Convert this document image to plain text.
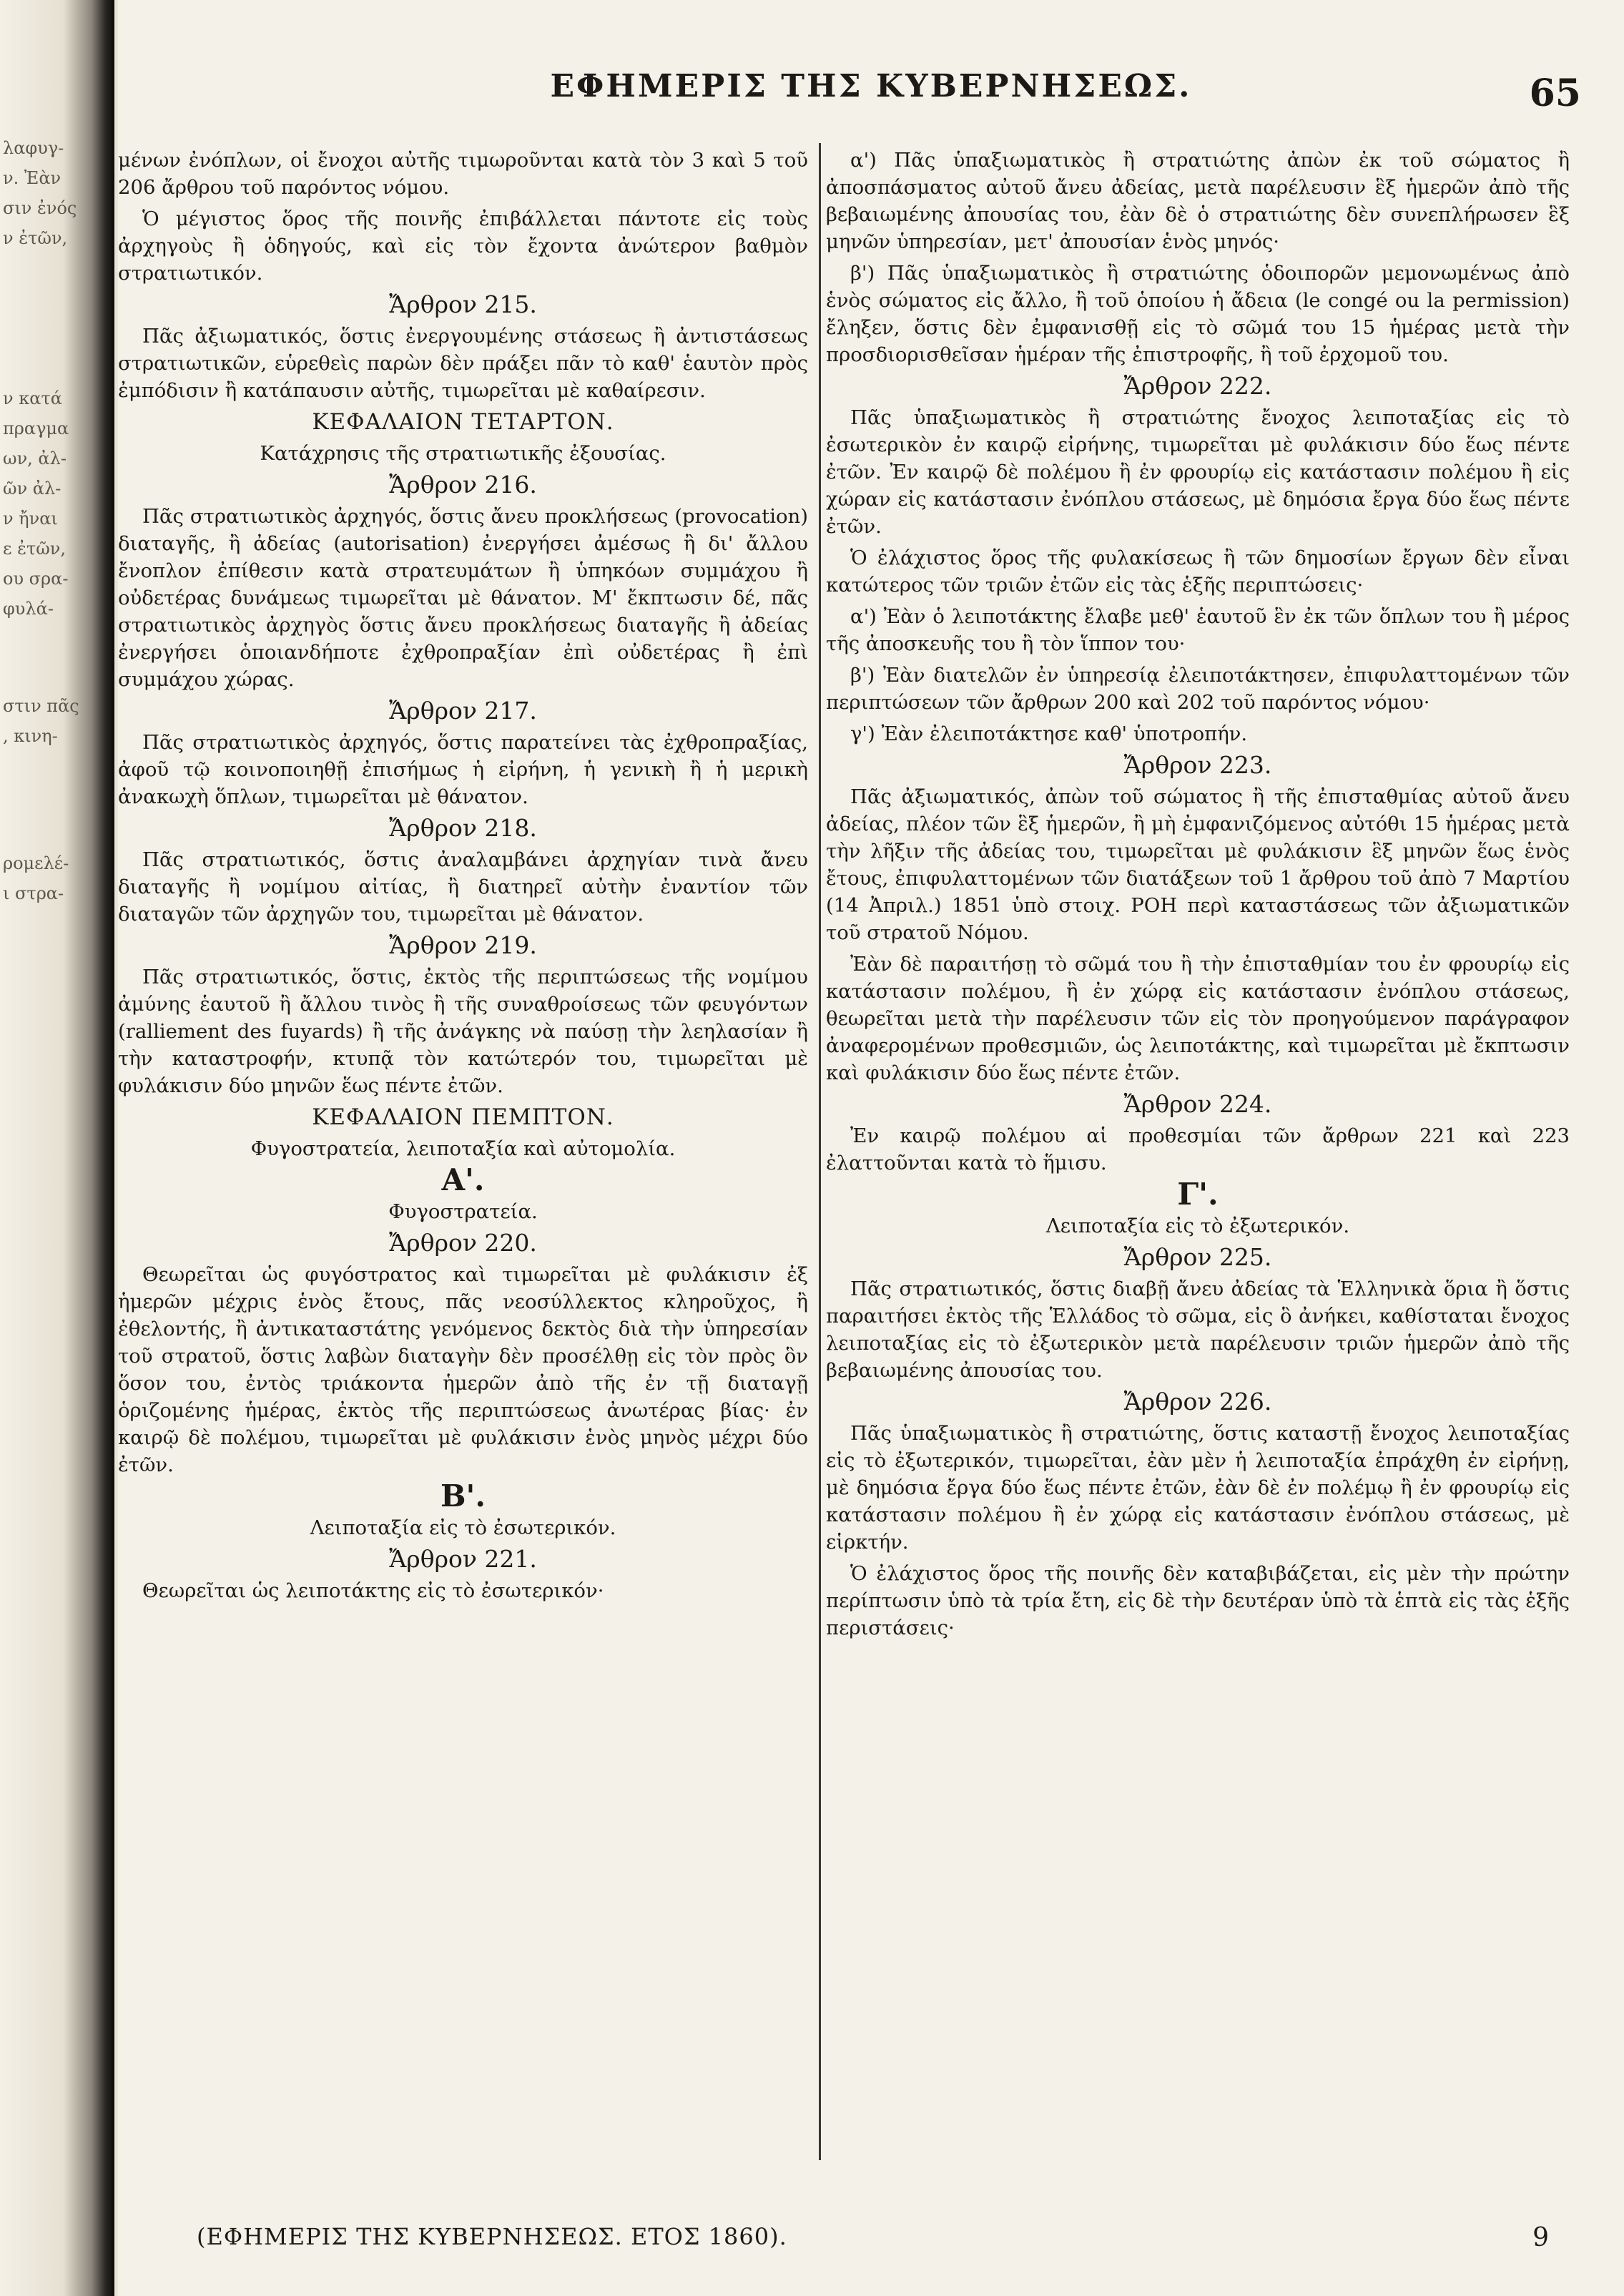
λαφυγ-
ν. Ἐὰν
σιν ἐνός
ν ἐτῶν,
ν κατά
πραγμα
ων, ἀλ-
ῶν ἀλ-
ν ἤναι
ε ἐτῶν,
ου σρα-
φυλά-
στιν πᾶς
, κινη-
ρομελέ-
ι στρα-
ΕΦΗΜΕΡΙΣ ΤΗΣ ΚΥΒΕΡΝΗΣΕΩΣ.	65

μένων ἐνόπλων, οἱ ἔνοχοι αὐτῆς τιμωροῦνται κατὰ τὸν 3 καὶ 5 τοῦ 206 ἄρθρου τοῦ παρόντος νόμου.

Ὁ μέγιστος ὅρος τῆς ποινῆς ἐπιβάλλεται πάντοτε εἰς τοὺς ἀρχηγοὺς ἢ ὁδηγούς, καὶ εἰς τὸν ἔχοντα ἀνώτερον βαθμὸν στρατιωτικόν.

Ἄρθρον 215.

Πᾶς ἀξιωματικός, ὅστις ἐνεργουμένης στάσεως ἢ ἀντιστάσεως στρατιωτικῶν, εὑρεθεὶς παρὼν δὲν πράξει πᾶν τὸ καθ' ἑαυτὸν πρὸς ἐμπόδισιν ἢ κατάπαυσιν αὐτῆς, τιμωρεῖται μὲ καθαίρεσιν.

ΚΕΦΑΛΑΙΟΝ ΤΕΤΑΡΤΟΝ.

Κατάχρησις τῆς στρατιωτικῆς ἐξουσίας.

Ἄρθρον 216.

Πᾶς στρατιωτικὸς ἀρχηγός, ὅστις ἄνευ προκλήσεως (provocation) διαταγῆς, ἢ ἀδείας (autorisation) ἐνεργήσει ἀμέσως ἢ δι' ἄλλου ἔνοπλον ἐπίθεσιν κατὰ στρατευμάτων ἢ ὑπηκόων συμμάχου ἢ οὐδετέρας δυνάμεως τιμωρεῖται μὲ θάνατον. Μ' ἔκπτωσιν δέ, πᾶς στρατιωτικὸς ἀρχηγὸς ὅστις ἄνευ προκλήσεως διαταγῆς ἢ ἀδείας ἐνεργήσει ὁποιανδήποτε ἐχθροπραξίαν ἐπὶ οὐδετέρας ἢ ἐπὶ συμμάχου χώρας.

Ἄρθρον 217.

Πᾶς στρατιωτικὸς ἀρχηγός, ὅστις παρατείνει τὰς ἐχθροπραξίας, ἀφοῦ τῷ κοινοποιηθῇ ἐπισήμως ἡ εἰρήνη, ἡ γενικὴ ἢ ἡ μερικὴ ἀνακωχὴ ὅπλων, τιμωρεῖται μὲ θάνατον.

Ἄρθρον 218.

Πᾶς στρατιωτικός, ὅστις ἀναλαμβάνει ἀρχηγίαν τινὰ ἄνευ διαταγῆς ἢ νομίμου αἰτίας, ἢ διατηρεῖ αὐτὴν ἐναντίον τῶν διαταγῶν τῶν ἀρχηγῶν του, τιμωρεῖται μὲ θάνατον.

Ἄρθρον 219.

Πᾶς στρατιωτικός, ὅστις, ἐκτὸς τῆς περιπτώσεως τῆς νομίμου ἀμύνης ἑαυτοῦ ἢ ἄλλου τινὸς ἢ τῆς συναθροίσεως τῶν φευγόντων (ralliement des fuyards) ἢ τῆς ἀνάγκης νὰ παύσῃ τὴν λεηλασίαν ἢ τὴν καταστροφήν, κτυπᾷ τὸν κατώτερόν του, τιμωρεῖται μὲ φυλάκισιν δύο μηνῶν ἕως πέντε ἐτῶν.

ΚΕΦΑΛΑΙΟΝ ΠΕΜΠΤΟΝ.

Φυγοστρατεία, λειποταξία καὶ αὐτομολία.

Α'.

Φυγοστρατεία.

Ἄρθρον 220.

Θεωρεῖται ὡς φυγόστρατος καὶ τιμωρεῖται μὲ φυλάκισιν ἐξ ἡμερῶν μέχρις ἑνὸς ἔτους, πᾶς νεοσύλλεκτος κληροῦχος, ἢ ἐθελοντής, ἢ ἀντικαταστάτης γενόμενος δεκτὸς διὰ τὴν ὑπηρεσίαν τοῦ στρατοῦ, ὅστις λαβὼν διαταγὴν δὲν προσέλθῃ εἰς τὸν πρὸς ὃν ὅσον του, ἐντὸς τριάκοντα ἡμερῶν ἀπὸ τῆς ἐν τῇ διαταγῇ ὁριζομένης ἡμέρας, ἐκτὸς τῆς περιπτώσεως ἀνωτέρας βίας· ἐν καιρῷ δὲ πολέμου, τιμωρεῖται μὲ φυλάκισιν ἑνὸς μηνὸς μέχρι δύο ἐτῶν.

Β'.

Λειποταξία εἰς τὸ ἐσωτερικόν.

Ἄρθρον 221.

Θεωρεῖται ὡς λειποτάκτης εἰς τὸ ἐσωτερικόν·

α') Πᾶς ὑπαξιωματικὸς ἢ στρατιώτης ἀπὼν ἐκ τοῦ σώματος ἢ ἀποσπάσματος αὐτοῦ ἄνευ ἀδείας, μετὰ παρέλευσιν ἓξ ἡμερῶν ἀπὸ τῆς βεβαιωμένης ἀπουσίας του, ἐὰν δὲ ὁ στρατιώτης δὲν συνεπλήρωσεν ἓξ μηνῶν ὑπηρεσίαν, μετ' ἀπουσίαν ἑνὸς μηνός·

β') Πᾶς ὑπαξιωματικὸς ἢ στρατιώτης ὁδοιπορῶν μεμονωμένως ἀπὸ ἑνὸς σώματος εἰς ἄλλο, ἢ τοῦ ὁποίου ἡ ἄδεια (le congé ou la permission) ἔληξεν, ὅστις δὲν ἐμφανισθῇ εἰς τὸ σῶμά του 15 ἡμέρας μετὰ τὴν προσδιορισθεῖσαν ἡμέραν τῆς ἐπιστροφῆς, ἢ τοῦ ἐρχομοῦ του.

Ἄρθρον 222.

Πᾶς ὑπαξιωματικὸς ἢ στρατιώτης ἔνοχος λειποταξίας εἰς τὸ ἐσωτερικὸν ἐν καιρῷ εἰρήνης, τιμωρεῖται μὲ φυλάκισιν δύο ἕως πέντε ἐτῶν. Ἐν καιρῷ δὲ πολέμου ἢ ἐν φρουρίῳ εἰς κατάστασιν πολέμου ἢ εἰς χώραν εἰς κατάστασιν ἐνόπλου στάσεως, μὲ δημόσια ἔργα δύο ἕως πέντε ἐτῶν.

Ὁ ἐλάχιστος ὅρος τῆς φυλακίσεως ἢ τῶν δημοσίων ἔργων δὲν εἶναι κατώτερος τῶν τριῶν ἐτῶν εἰς τὰς ἑξῆς περιπτώσεις·

α') Ἐὰν ὁ λειποτάκτης ἔλαβε μεθ' ἑαυτοῦ ἓν ἐκ τῶν ὅπλων του ἢ μέρος τῆς ἀποσκευῆς του ἢ τὸν ἵππον του·

β') Ἐὰν διατελῶν ἐν ὑπηρεσίᾳ ἐλειποτάκτησεν, ἐπιφυλαττομένων τῶν περιπτώσεων τῶν ἄρθρων 200 καὶ 202 τοῦ παρόντος νόμου·

γ') Ἐὰν ἐλειποτάκτησε καθ' ὑποτροπήν.

Ἄρθρον 223.

Πᾶς ἀξιωματικός, ἀπὼν τοῦ σώματος ἢ τῆς ἐπισταθμίας αὐτοῦ ἄνευ ἀδείας, πλέον τῶν ἓξ ἡμερῶν, ἢ μὴ ἐμφανιζόμενος αὐτόθι 15 ἡμέρας μετὰ τὴν λῆξιν τῆς ἀδείας του, τιμωρεῖται μὲ φυλάκισιν ἓξ μηνῶν ἕως ἑνὸς ἔτους, ἐπιφυλαττομένων τῶν διατάξεων τοῦ 1 ἄρθρου τοῦ ἀπὸ 7 Μαρτίου (14 Ἀπριλ.) 1851 ὑπὸ στοιχ. ΡΟΗ περὶ καταστάσεως τῶν ἀξιωματικῶν τοῦ στρατοῦ Νόμου.

Ἐὰν δὲ παραιτήσῃ τὸ σῶμά του ἢ τὴν ἐπισταθμίαν του ἐν φρουρίῳ εἰς κατάστασιν πολέμου, ἢ ἐν χώρᾳ εἰς κατάστασιν ἐνόπλου στάσεως, θεωρεῖται μετὰ τὴν παρέλευσιν τῶν εἰς τὸν προηγούμενον παράγραφον ἀναφερομένων προθεσμιῶν, ὡς λειποτάκτης, καὶ τιμωρεῖται μὲ ἔκπτωσιν καὶ φυλάκισιν δύο ἕως πέντε ἐτῶν.

Ἄρθρον 224.

Ἐν καιρῷ πολέμου αἱ προθεσμίαι τῶν ἄρθρων 221 καὶ 223 ἐλαττοῦνται κατὰ τὸ ἥμισυ.

Γ'.

Λειποταξία εἰς τὸ ἐξωτερικόν.

Ἄρθρον 225.

Πᾶς στρατιωτικός, ὅστις διαβῇ ἄνευ ἀδείας τὰ Ἑλληνικὰ ὅρια ἢ ὅστις παραιτήσει ἐκτὸς τῆς Ἑλλάδος τὸ σῶμα, εἰς ὃ ἀνήκει, καθίσταται ἔνοχος λειποταξίας εἰς τὸ ἐξωτερικὸν μετὰ παρέλευσιν τριῶν ἡμερῶν ἀπὸ τῆς βεβαιωμένης ἀπουσίας του.

Ἄρθρον 226.

Πᾶς ὑπαξιωματικὸς ἢ στρατιώτης, ὅστις καταστῇ ἔνοχος λειποταξίας εἰς τὸ ἐξωτερικόν, τιμωρεῖται, ἐὰν μὲν ἡ λειποταξία ἐπράχθη ἐν εἰρήνῃ, μὲ δημόσια ἔργα δύο ἕως πέντε ἐτῶν, ἐὰν δὲ ἐν πολέμῳ ἢ ἐν φρουρίῳ εἰς κατάστασιν πολέμου ἢ ἐν χώρᾳ εἰς κατάστασιν ἐνόπλου στάσεως, μὲ εἱρκτήν.

Ὁ ἐλάχιστος ὅρος τῆς ποινῆς δὲν καταβιβάζεται, εἰς μὲν τὴν πρώτην περίπτωσιν ὑπὸ τὰ τρία ἔτη, εἰς δὲ τὴν δευτέραν ὑπὸ τὰ ἑπτὰ εἰς τὰς ἑξῆς περιστάσεις·

(ΕΦΗΜΕΡΙΣ ΤΗΣ ΚΥΒΕΡΝΗΣΕΩΣ. ΕΤΟΣ 1860).	9
